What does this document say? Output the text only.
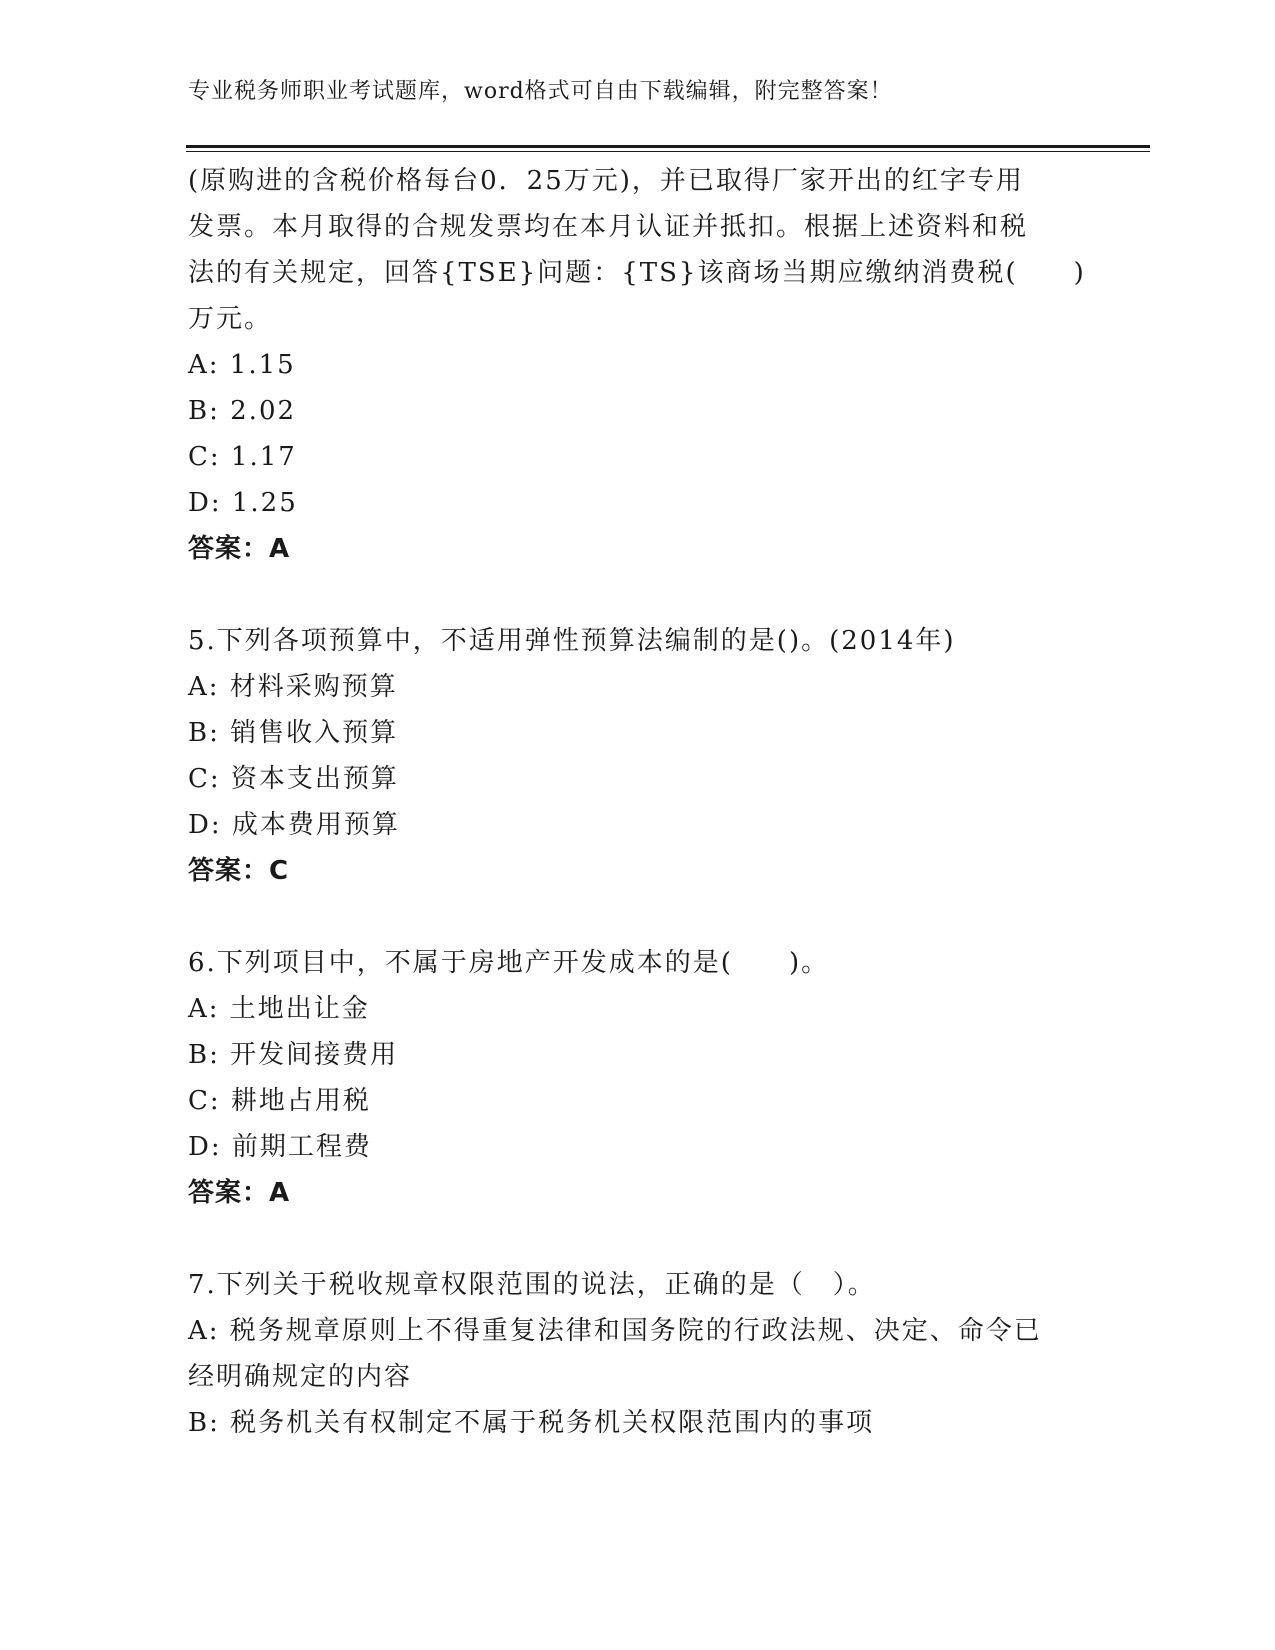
专业税务师职业考试题库，word格式可自由下载编辑，附完整答案！
(原购进的含税价格每台0．25万元)，并已取得厂家开出的红字专用
发票。本月取得的合规发票均在本月认证并抵扣。根据上述资料和税
法的有关规定，回答{TSE}问题：{TS}该商场当期应缴纳消费税(　　)
万元。
A: 1.15
B: 2.02
C: 1.17
D: 1.25
答案：A
5.下列各项预算中，不适用弹性预算法编制的是()。(2014年)
A: 材料采购预算
B: 销售收入预算
C: 资本支出预算
D: 成本费用预算
答案：C
6.下列项目中，不属于房地产开发成本的是(　　)。
A: 土地出让金
B: 开发间接费用
C: 耕地占用税
D: 前期工程费
答案：A
7.下列关于税收规章权限范围的说法，正确的是（　）。
A: 税务规章原则上不得重复法律和国务院的行政法规、决定、命令已
经明确规定的内容
B: 税务机关有权制定不属于税务机关权限范围内的事项
